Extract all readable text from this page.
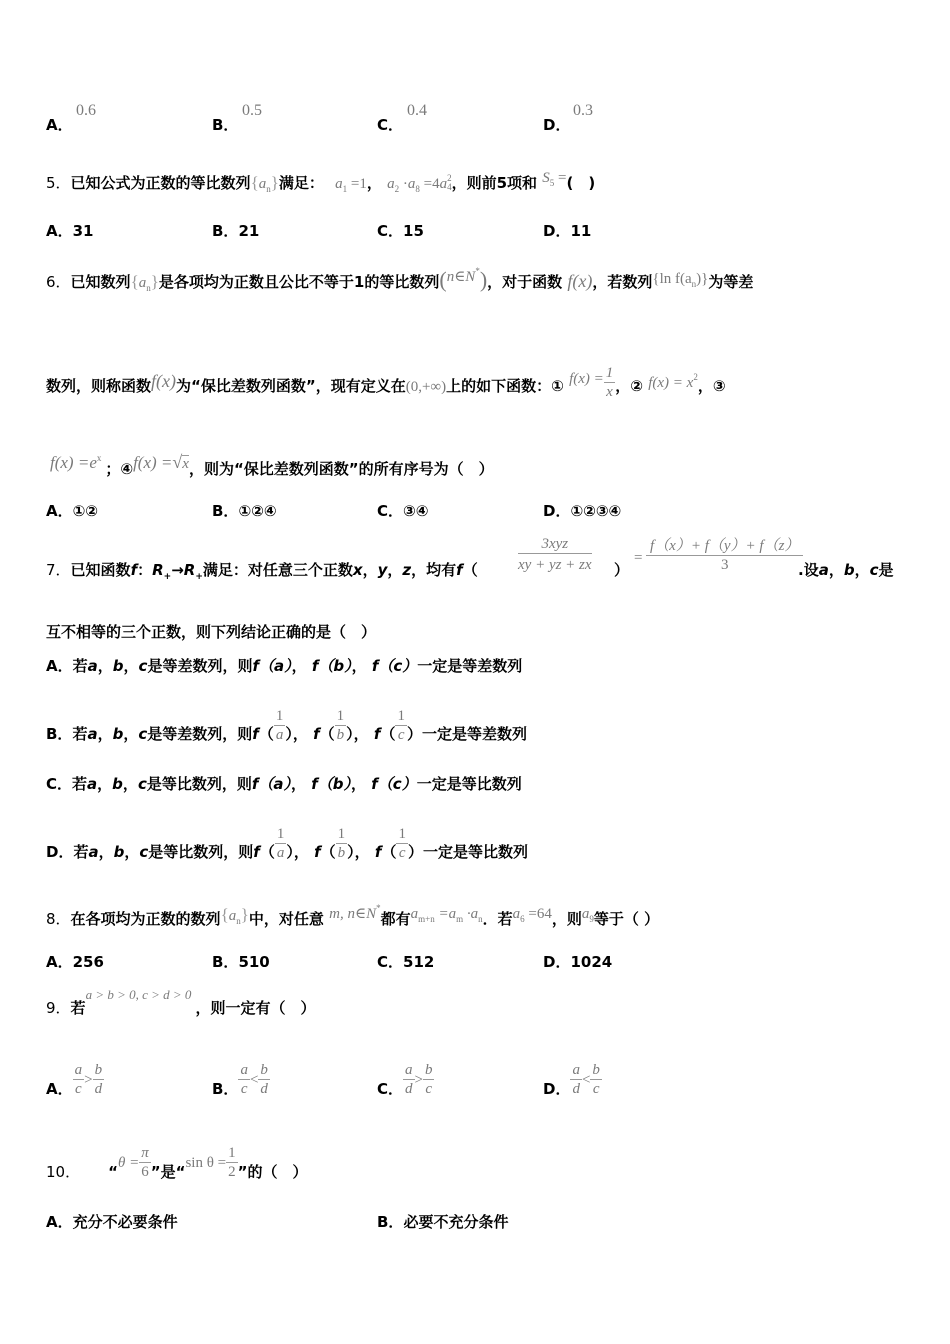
A．
0.6
B．
0.5
C．
0.4
D．
0.3
5．已知公式为正数的等比数列$\{a_n\}$满足： $a_1 =1$， $a_2 \cdot a_8 =4a$ 2
4 ，则前5项和 $S_5$ =(  )
A．31	B．21	C．15	D．11
6．已知数列$\{a_n\}$是各项均为正数且公比不等于1的等比数列(n∈N*)，对于函数 f(x)，若数列{ln $f(a_n)$}为等差
数列，则称函数f(x)为“保比差数列函数”，现有定义在(0,+∞)上的如下函数：① $f(x) = \frac{1}{x}$ ，② $f(x) = x^2$，③
$f(x) =e^x$；④f(x) =√x，则为“保比差数列函数”的所有序号为（ ）
A．①②	B．①②④	C．③④	D．①②③④
7．已知函数f：$R_+\to R_+$满足：对任意三个正数x，y，z，均有f（
3xyz
xy + yz + zx ）
=
f（x）+ f（y）+ f（z）
3	.设a，b，c是
互不相等的三个正数，则下列结论正确的是（ ）
A．若a，b，c是等差数列，则f（a）， f（b）， f（c）一定是等差数列
B．若a，b，c是等差数列，则$f( \frac{1}{a}$ ）， $f( \frac{1}{b}$ ）， $f( \frac{1}{c}$ ）一定是等差数列
C．若a，b，c是等比数列，则f（a）， f（b）， f（c）一定是等比数列
D．若a，b，c是等比数列，则$f( \frac{1}{a}$ ）， $f( \frac{1}{b}$ ）， $f( \frac{1}{c}$ ）一定是等比数列
8．在各项均为正数的数列$\{a_n\}$中，对任意 m, n∈N*都有$a_{m+n} =a_m \cdot a_n$．若$a_6 =64$，则$a_9$等于（ ）
A．256	B．510	C．512	D．1024
9．若a > b > 0, c > d > 0，则一定有（ ）
A． $\frac{a}{c} > \frac{b}{d}$	B． $\frac{a}{c} < \frac{b}{d}$	C． $\frac{a}{d} > \frac{b}{c}$	D． $\frac{a}{d} < \frac{b}{c}$
10． “$\theta = \frac{\pi}{6}$ ”是“sin $\theta = \frac{1}{2}$ ”的（ ）
A．充分不必要条件	B．必要不充分条件
